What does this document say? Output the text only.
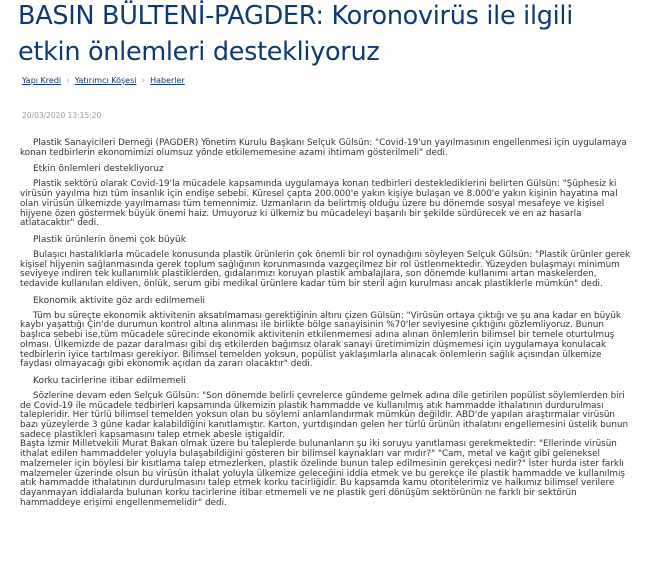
BASIN BÜLTENİ-PAGDER: Koronovirüs ile ilgili etkin önlemleri destekliyoruz
Yapı Kredi › Yatırımcı Köşesi › Haberler
20/03/2020 13:15:20

Plastik Sanayicileri Derneği (PAGDER) Yönetim Kurulu Başkanı Selçuk Gülsün: "Covid-19'un yayılmasının engellenmesi için uygulamaya konan tedbirlerin ekonomimizi olumsuz yönde etkilememesine azami ihtimam gösterilmeli" dedi.

Etkin önlemleri destekliyoruz

Plastik sektörü olarak Covid-19'la mücadele kapsamında uygulamaya konan tedbirleri desteklediklerini belirten Gülsün: "Şüphesiz ki virüsün yayılma hızı tüm insanlık için endişe sebebi. Küresel çapta 200.000'e yakın kişiye bulaşan ve 8.000'e yakın kişinin hayatına mal olan virüsün ülkemizde yayılmaması tüm temennimiz. Uzmanların da belirtmiş olduğu üzere bu dönemde sosyal mesafeye ve kişisel hijyene özen göstermek büyük önemi haiz. Umuyoruz ki ülkemiz bu mücadeleyi başarılı bir şekilde sürdürecek ve en az hasarla atlatacaktır" dedi.

Plastik ürünlerin önemi çok büyük

Bulaşıcı hastalıklarla mücadele konusunda plastik ürünlerin çok önemli bir rol oynadığını söyleyen Selçuk Gülsün: "Plastik ürünler gerek kişisel hijyenin sağlanmasında gerek toplum sağlığının korunmasında vazgeçilmez bir rol üstlenmektedir. Yüzeyden bulaşmayı minimum seviyeye indiren tek kullanımlık plastiklerden, gıdalarımızı koruyan plastik ambalajlara, son dönemde kullanımı artan maskelerden, tedavide kullanılan eldiven, önlük, serum gibi medikal ürünlere kadar tüm bir steril ağın kurulması ancak plastiklerle mümkün" dedi.

Ekonomik aktivite göz ardı edilmemeli

Tüm bu süreçte ekonomik aktivitenin aksatılmaması gerektiğinin altını çizen Gülsün: "Virüsün ortaya çıktığı ve şu ana kadar en büyük kaybı yaşattığı Çin'de durumun kontrol altına alınması ile birlikte bölge sanayisinin %70'ler seviyesine çıktığını gözlemliyoruz. Bunun başlıca sebebi ise,tüm mücadele sürecinde ekonomik aktivitenin etkilenmemesi adına alınan önlemlerin bilimsel bir temele oturtulmuş olması. Ülkemizde de pazar daralması gibi dış etkilerden bağımsız olarak sanayi üretimimizin düşmemesi için uygulamaya konulacak tedbirlerin iyice tartılması gerekiyor. Bilimsel temelden yoksun, popülist yaklaşımlarla alınacak önlemlerin sağlık açısından ülkemize faydası olmayacağı gibi ekonomik açıdan da zararı olacaktır" dedi.

Korku tacirlerine itibar edilmemeli

Sözlerine devam eden Selçuk Gülsün: "Son dönemde belirli çevrelerce gündeme gelmek adına dile getirilen popülist söylemlerden biri de Covid-19 ile mücadele tedbirleri kapsamında ülkemizin plastik hammadde ve kullanılmış atık hammadde ithalatının durdurulması talepleridir. Her türlü bilimsel temelden yoksun olan bu söylemi anlamlandırmak mümkün değildir. ABD'de yapılan araştırmalar virüsün bazı yüzeylerde 3 güne kadar kalabildiğini kanıtlamıştır. Karton, yurtdışından gelen her türlü ürünün ithalatını engellemesini üstelik bunun sadece plastikleri kapsamasını talep etmek abesle iştigaldir.

Başta İzmir Milletvekili Murat Bakan olmak üzere bu taleplerde bulunanların şu iki soruyu yanıtlaması gerekmektedir: "Ellerinde virüsün ithalat edilen hammaddeler yoluyla bulaşabildiğini gösteren bir bilimsel kaynakları var mıdır?" "Cam, metal ve kağıt gibi geleneksel malzemeler için böylesi bir kısıtlama talep etmezlerken, plastik özelinde bunun talep edilmesinin gerekçesi nedir?" İster hurda ister farklı malzemeler üzerinde olsun bu virüsün ithalat yoluyla ülkemize geleceğini iddia etmek ve bu gerekçe ile plastik hammadde ve kullanılmış atık hammadde ithalatının durdurulmasını talep etmek korku tacirliğidir. Bu kapsamda kamu otoritelerimiz ve halkımız bilimsel verilere dayanmayan iddialarda bulunan korku tacirlerine itibar etmemeli ve ne plastik geri dönüşüm sektörünün ne farklı bir sektörün hammaddeye erişimi engellenmemelidir" dedi.
